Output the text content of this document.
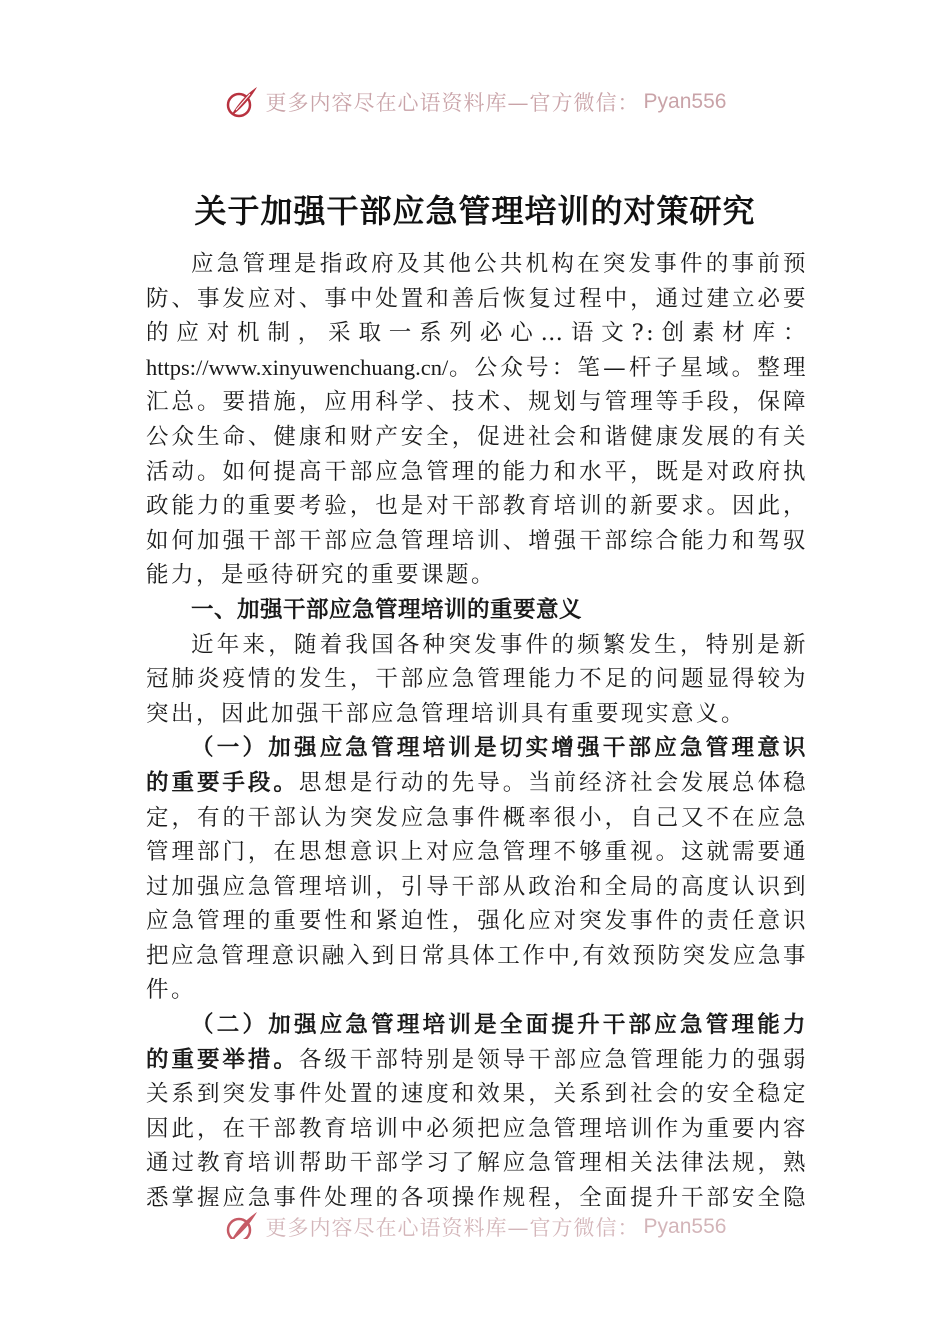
更多内容尽在心语资料库—官方微信： Pyan556
关于加强干部应急管理培训的对策研究

应急管理是指政府及其他公共机构在突发事件的事前预防、事发应对、事中处置和善后恢复过程中，通过建立必要的应对机制，采取一系列必心…语文?:创素材库：https://www.xinyuwenchuang.cn/。公众号：笔—杆子星域。整理汇总。要措施，应用科学、技术、规划与管理等手段，保障公众生命、健康和财产安全，促进社会和谐健康发展的有关活动。如何提高干部应急管理的能力和水平，既是对政府执政能力的重要考验，也是对干部教育培训的新要求。因此，如何加强干部干部应急管理培训、增强干部综合能力和驾驭能力，是亟待研究的重要课题。

一、加强干部应急管理培训的重要意义

近年来，随着我国各种突发事件的频繁发生，特别是新冠肺炎疫情的发生，干部应急管理能力不足的问题显得较为突出，因此加强干部应急管理培训具有重要现实意义。

（一）加强应急管理培训是切实增强干部应急管理意识的重要手段。思想是行动的先导。当前经济社会发展总体稳定，有的干部认为突发应急事件概率很小，自己又不在应急管理部门，在思想意识上对应急管理不够重视。这就需要通过加强应急管理培训，引导干部从政治和全局的高度认识到应急管理的重要性和紧迫性，强化应对突发事件的责任意识把应急管理意识融入到日常具体工作中,有效预防突发应急事件。

（二）加强应急管理培训是全面提升干部应急管理能力的重要举措。各级干部特别是领导干部应急管理能力的强弱关系到突发事件处置的速度和效果，关系到社会的安全稳定因此，在干部教育培训中必须把应急管理培训作为重要内容通过教育培训帮助干部学习了解应急管理相关法律法规，熟悉掌握应急事件处理的各项操作规程，全面提升干部安全隐

更多内容尽在心语资料库—官方微信： Pyan556
